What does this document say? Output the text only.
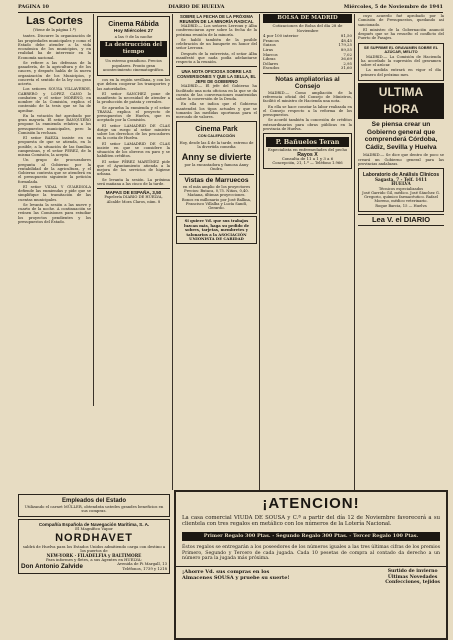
PAGINA 10	DIARIO DE HUELVA	Miércoles, 5 de Noviembre de 1941
Las Cortes
(Viene de la página 1.ª)

tantes. Discurre la organización de las propiedades municipales y como el Estado debe atender a la vida económica de los municipios, y en realidad ha de intervenir en la Economía nacional.

Se refiere a las defensas de la ganadería, de la agricultura y de los cauces, y después habla de la nueva organización de los Municipios, y concreta el sentido de la ley con gran acierto.

Los señores SOUSA VILLAVERDE, CABRERO y LOPEZ CANO lo combaten y el señor MORENO, en nombre de la Comisión, explica el contenido de la tesis que se ha de aprobar.

En la votación fué aprobado por gran mayoría. El señor BANQUIERO propone la enmienda relativa a los presupuestos municipales, pero la Comisión la rechaza.

El señor BAEZA insiste en su propuesta de que se atienda, en lo posible, a la situación de las familias campesinas, y el señor PEREZ, de la misma Comisión, la acepta.

Un grupo de procuradores pregunta al Gobierno por la rentabilidad de la agricultura, y el Gobierno contesta que se atenderá en el presupuesto siguiente la petición formulada.

El señor VIDAL Y GUARDIOLA defiende las enmiendas y pide que se simplifique la tramitación de las cuentas municipales.

Se levanta la sesión a las nueve y cuarto de la noche. A continuación se reúnen las Comisiones para estudiar los proyectos pendientes y los presupuestos del Estado.

Cinema Rábida
Hoy Miércoles 27
a las 9 de la noche
La destrucción del tiempo
Un estreno grandioso. Precios populares. Pronto gran acontecimiento cinematográfico.

cos en la región sevillana, y con los que deben cooperar los transportes y las autoridades.

El señor SANCHEZ pone de manifiesto la necesidad de atender a la producción de patata y cereales.

Se aprueba la enmienda y el señor TRAVAL explica el proyecto de presupuestos de Huelva, que es aceptado por la Comisión.

El señor LAMADRID DE CLAS dirige un ruego al señor ministro sobre los derechos de los pescadores en la costa de Huelva.

El señor LAMADRID DE CLAS insiste en que se considere la situación de los obreros en paro y se habiliten créditos.

El señor PÉREZ MARTÍNEZ pide que el Ayuntamiento atienda a la mejora de los servicios de higiene urbana.

Se levanta la sesión. La próxima será mañana a las cinco de la tarde.

MAPAS DE ESPAÑA, 3,50
Papelería DIARIO DE HUELVA, Alcalde Mora Claros, núm. 8
SOBRE LA FECHA DE LA PRÓXIMA REUNIÓN DE LA MINORÍA RADICAL

MADRID.— Los señores Lerroux y Alba conferenciaron ayer sobre la fecha de la próxima reunión de la minoría.

Se habló también de la posible celebración de un banquete en honor del señor Lerroux.

Después de la entrevista, el señor Alba manifestó que nada podía adelantarse respecto a la reunión.

UNA NOTA OFICIOSA SOBRE LAS CONVERSIONES Y QUE LA SELLA, EL JEFE DE GOBIERNO

MADRID.— El jefe del Gobierno ha facilitado una nota oficiosa en la que se da cuenta de las conversaciones mantenidas sobre la conversión de la Deuda.

En ella se indica que el Gobierno mantendrá los tipos actuales y que se tomarán las medidas oportunas para el mercado de valores.

Cinema Park
CON CALEFACCIÓN
Hoy, desde las 4 de la tarde, estreno de la divertida comedia
Anny se divierte
por la encantadora y famosa Anny Ondra.
Vistas de Marruecos
en el más amplio de los proyectores
Precios: Butaca, 0,75. Niños, 0,40. Mañana, últimas proyecciones.
Bonos en millonario por José Ballina, Francisco Villalba y Lucía Sandí, Gerardo.
Si quiere Vd. que sus trabajos luzcan más, haga su pedido de sobres, tarjetas, membretes y talonarios a la ASOCIACIÓN UNIONISTA DE CARIDAD
BOLSA DE MADRID
Cotizaciones de Bolsa del día 28 de Noviembre
4 por 100 interior	81,50
Francos	48,45
Suizos	179,25
Liras	89,55
Marcos	7,02
Libras	36,69
Dólares	2,95
Escudos	31,60
Notas ampliatorias al Consejo

MADRID.— Como ampliación de la referencia oficial del Consejo de Ministros, facilitó el ministro de Hacienda una nota.

En ella se hace constar la labor realizada en el Consejo respecto a la reforma de los presupuestos.

Se acordó también la concesión de créditos extraordinarios para obras públicas en la provincia de Huelva.

P. Bañuelos Teran
Especialista en enfermedades del pecho
Rayos X
Consulta de 11 a 1 y 3 a 6
Concepción, 21, 1.º — Teléfono 1.966

cuyo acuerdo fué aprobado por la Comisión de Presupuestos, quedando así sancionado.

El ministro de la Gobernación anunció después que se ha resuelto el conflicto del Puerto de Pasajes.

SE SUPRIME EL GRAVAMEN SOBRE EL AZÚCAR, MELITO

MADRID.— La Comisión de Hacienda ha acordado la supresión del gravamen sobre el azúcar.

La medida entrará en vigor el día primero del próximo mes.

ULTIMA HORA
Se piensa crear un Gobierno general que comprenderá Córdoba, Cádiz, Sevilla y Huelva

MADRID.— Se dice que dentro de poco se creará un Gobierno general para las provincias andaluzas.

Laboratorio de Análisis Clínicos
Sagasta, 7 - Telf. 1411
HUELVA
Técnicos especializados
José Garrido Gil, médico. José Sánchez G. Gregorio, químico farmacéutico. Rafael Moreno, médico veterinario.
Roque Barcia, 15 — Huelva
Lea V. el DIARIO
Empleados del Estado
Utilizando el carnet MÜLLER, obtendrán ustedes grandes beneficios en sus compras.
Compañía Española de Navegación Marítima, S. A.
El Magnífico Vapor
NORDHAVET
saldrá de Huelva para los Estados Unidos admitiendo carga con destino a los puertos de
NEW-YORK · FILADELFIA y BALTIMORE
Para informes y fletes, a sus Agentes en HUELVA:
Don Antonio Zalvide	Avenida de Pi Margall, 13
Teléfonos, 1739 y 1218
¡ATENCION!
La casa comercial VIUDA DE SOUSA y C.ª a partir del día 12 de Noviembre favorecerá a su clientela con tres regalos en metálico con los números de la Lotería Nacional.
Primer Regalo 300 Ptas. - Segundo Regalo 300 Ptas. - Tercer Regalo 100 Ptas.
Éstos regalos se entregarán a los poseedores de los números iguales a las tres últimas cifras de los premios Primero, Segundo y Tercero de cada jugada. Cada 10 pesetas de compra al contado da derecho a un número para la jugada más próxima.
¡Ahorre Vd. sus compras en los
Almacenes SOUSA y pruebe su suerte!
Surtido de invierno
Últimas Novedades
Confecciones, tejidos
